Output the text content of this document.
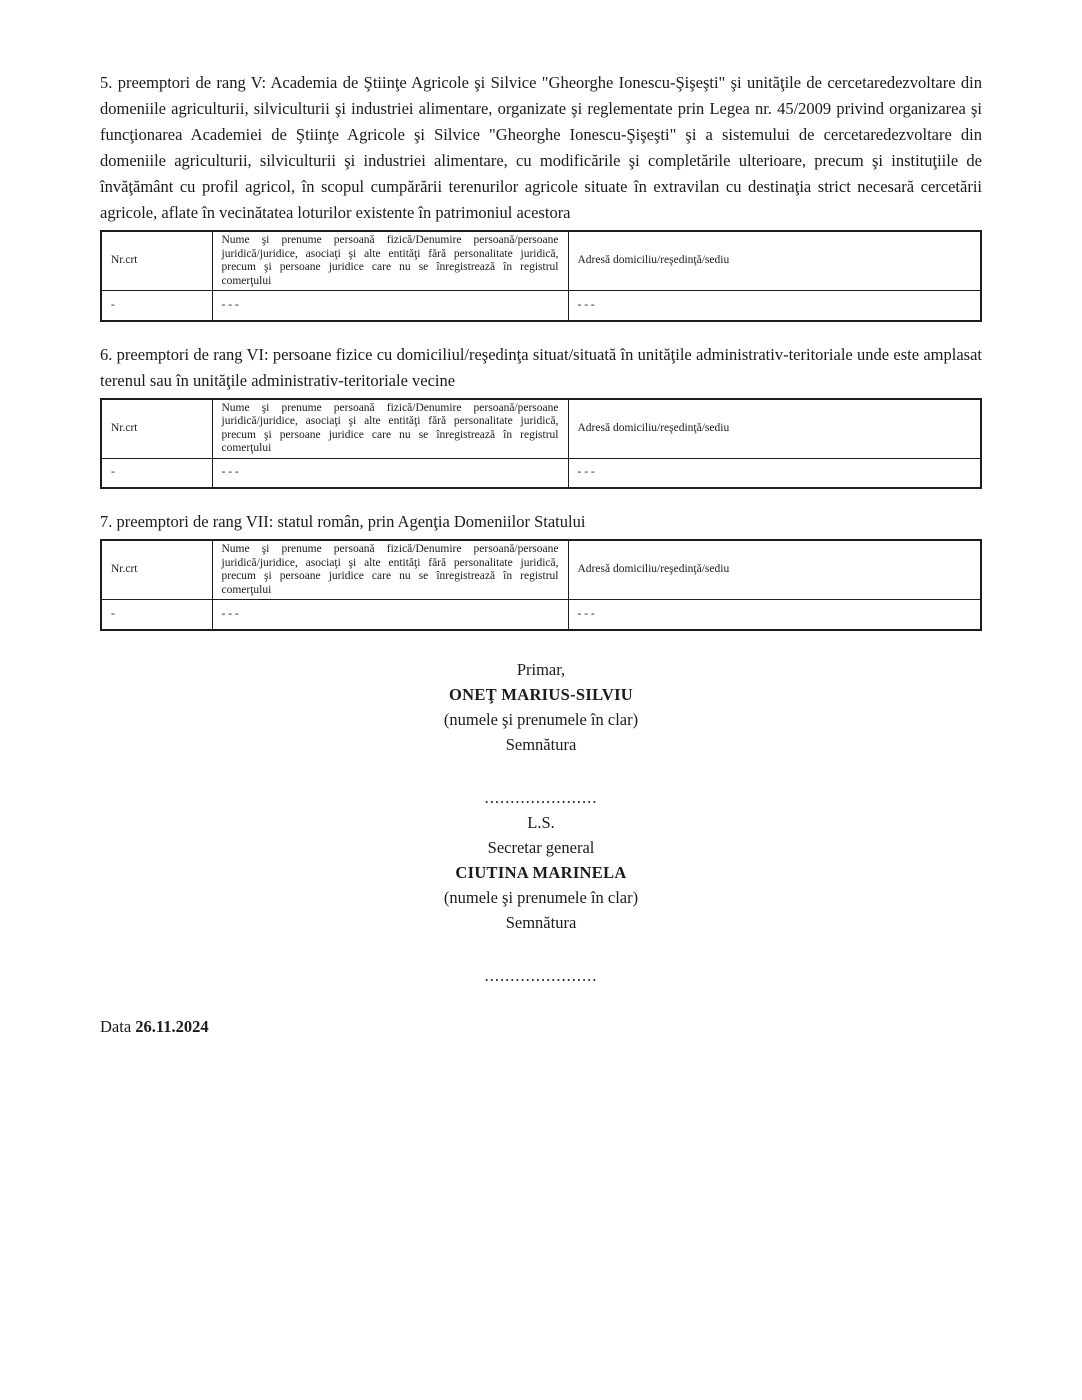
5. preemptori de rang V: Academia de Ştiinţe Agricole şi Silvice "Gheorghe Ionescu-Şişeşti" şi unităţile de cercetaredezvoltare din domeniile agriculturii, silviculturii şi industriei alimentare, organizate şi reglementate prin Legea nr. 45/2009 privind organizarea şi funcţionarea Academiei de Ştiinţe Agricole şi Silvice "Gheorghe Ionescu-Şişeşti" şi a sistemului de cercetaredezvoltare din domeniile agriculturii, silviculturii şi industriei alimentare, cu modificările şi completările ulterioare, precum şi instituţiile de învăţământ cu profil agricol, în scopul cumpărării terenurilor agricole situate în extravilan cu destinaţia strict necesară cercetării agricole, aflate în vecinătatea loturilor existente în patrimoniul acestora

Nr.crt	Nume şi prenume persoană fizică/Denumire persoană/persoane juridică/juridice, asociaţi şi alte entităţi fără personalitate juridică, precum şi persoane juridice care nu se înregistrează în registrul comerţului	Adresă domiciliu/reşedinţă/sediu
-	- - -	- - -

6. preemptori de rang VI: persoane fizice cu domiciliul/reşedinţa situat/situată în unităţile administrativ-teritoriale unde este amplasat terenul sau în unităţile administrativ-teritoriale vecine

Nr.crt	Nume şi prenume persoană fizică/Denumire persoană/persoane juridică/juridice, asociaţi şi alte entităţi fără personalitate juridică, precum şi persoane juridice care nu se înregistrează în registrul comerţului	Adresă domiciliu/reşedinţă/sediu
-	- - -	- - -

7. preemptori de rang VII: statul român, prin Agenţia Domeniilor Statului

Nr.crt	Nume şi prenume persoană fizică/Denumire persoană/persoane juridică/juridice, asociaţi şi alte entităţi fără personalitate juridică, precum şi persoane juridice care nu se înregistrează în registrul comerţului	Adresă domiciliu/reşedinţă/sediu
-	- - -	- - -

Primar,

ONEŢ MARIUS-SILVIU

(numele şi prenumele în clar)

Semnătura

......................

L.S.

Secretar general

CIUTINA MARINELA

(numele şi prenumele în clar)

Semnătura

......................

Data 26.11.2024
